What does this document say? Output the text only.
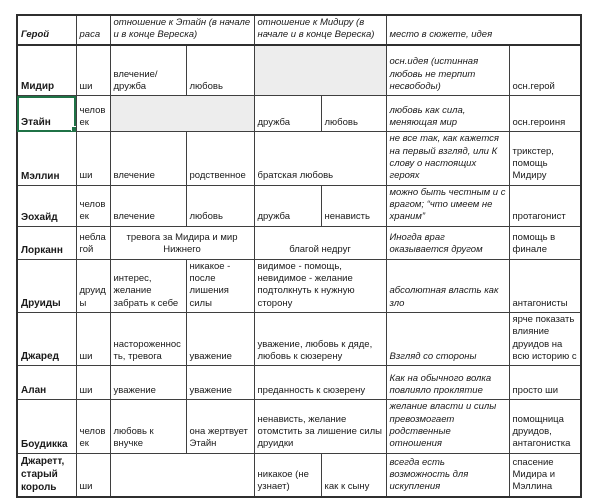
Герой	раса	отношение к Этайн (в начале и в конце Вереска)		отношение к Мидиру (в начале и в конце Вереска)		место в сюжете, идея	
Мидир	ши	влечение/ дружба	любовь			осн.идея (истинная любовь не терпит несвободы)	осн.герой
Этайн	человек			дружба	любовь	любовь как сила, меняющая мир	осн.героиня
Мэллин	ши	влечение	родственное	братская любовь		не все так, как кажется на первый взгляд, или К слову о настоящих героях	трикстер, помощь Мидиру
Эохайд	человек	влечение	любовь	дружба	ненависть	можно быть честным и с врагом; “что имеем не храним”	протагонист
Лорканн	неблагой	тревога за Мидира и мир Нижнего		благой недруг		Иногда враг оказывается другом	помощь в финале
Друиды	друиды	интерес, желание забрать к себе	никакое - после лишения силы	видимое - помощь, невидимое - желание подтолкнуть к нужную сторону		абсолютная власть как зло	антагонисты
Джаред	ши	настороженность, тревога	уважение	уважение, любовь к дяде, любовь к сюзерену		Взгляд со стороны	ярче показать влияние друидов на всю историю с
Алан	ши	уважение	уважение	преданность к сюзерену		Как на обычного волка повлияло проклятие	просто ши
Боудикка	человек	любовь к внучке	она жертвует Этайн	ненависть, желание отомстить за лишение силы друидки		желание власти и силы превозмогает родственные отношения	помощница друидов, антагонистка
Джаретт, старый король	ши			никакое (не узнает)	как к сыну	всегда есть возможность для искупления	спасение Мидира и Мэллина
